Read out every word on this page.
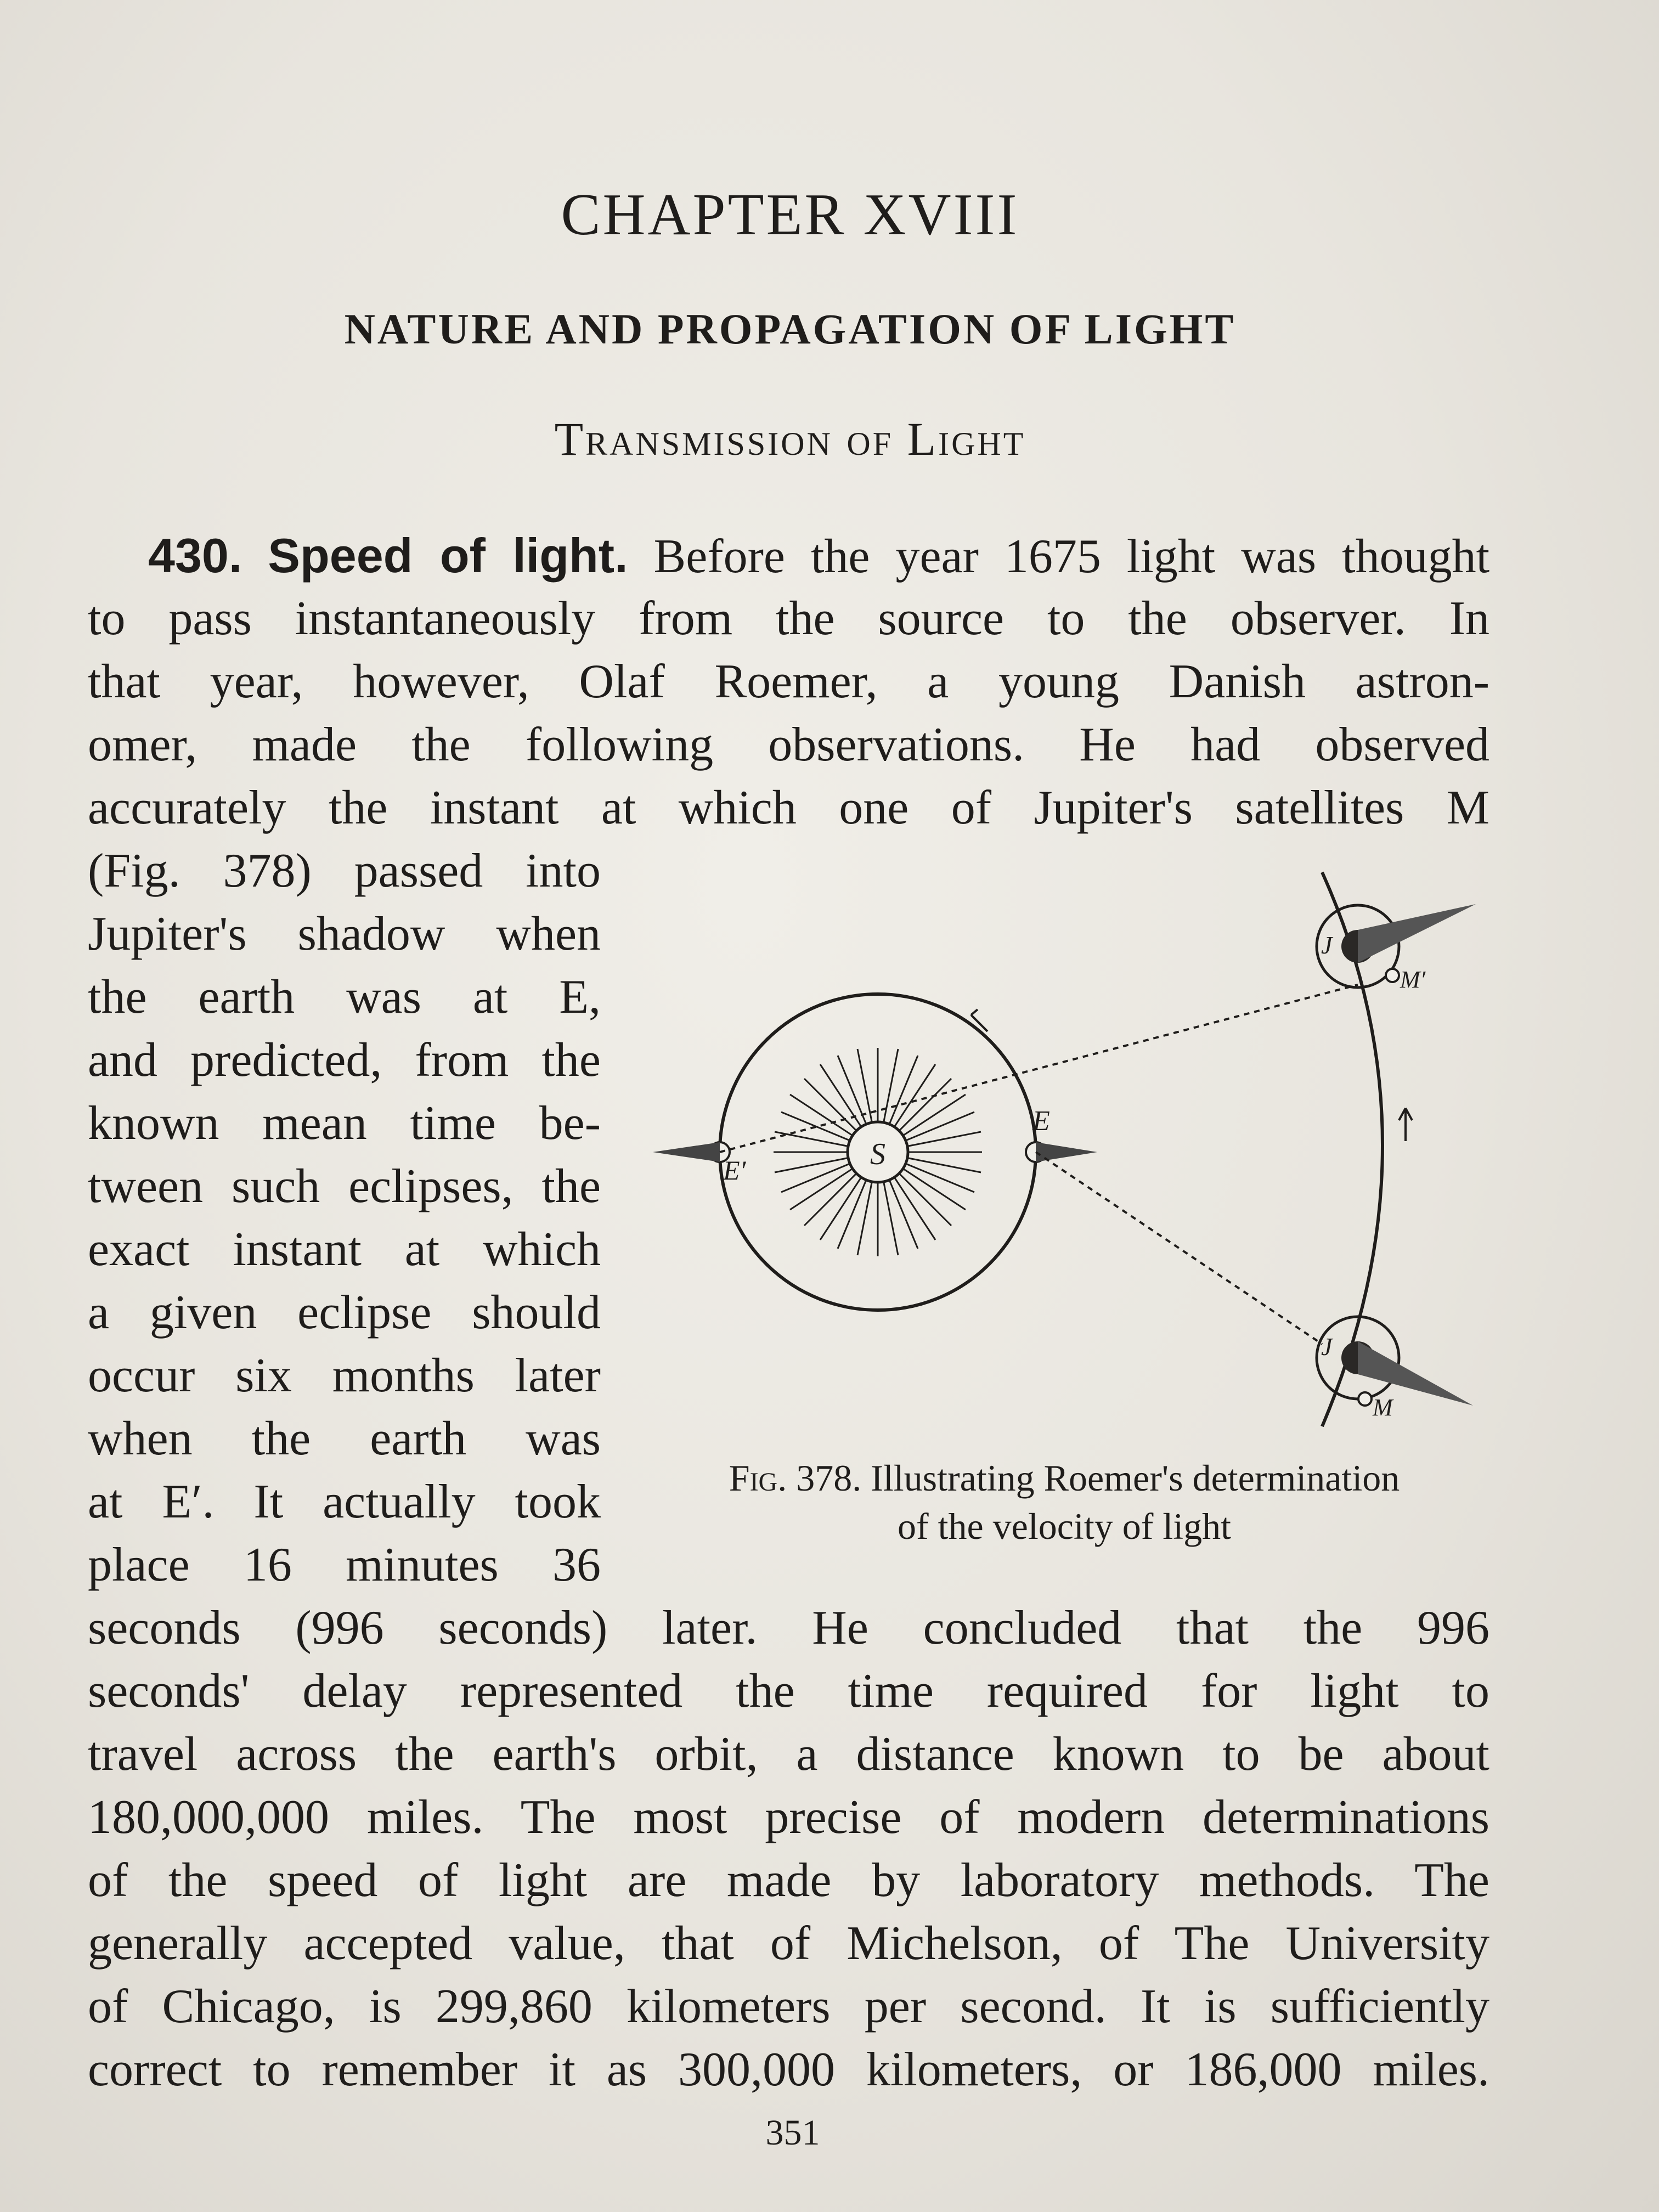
CHAPTER XVIII
NATURE AND PROPAGATION OF LIGHT
Transmission of Light
430. Speed of light. Before the year 1675 light was thought
to pass instantaneously from the source to the observer. In
that year, however, Olaf Roemer, a young Danish astron-
omer, made the following observations. He had observed
accurately the instant at which one of Jupiter's satellites M
(Fig. 378) passed into
Jupiter's shadow when
the earth was at E,
and predicted, from the
known mean time be-
tween such eclipses, the
exact instant at which
a given eclipse should
occur six months later
when the earth was
at E′. It actually took
place 16 minutes 36
S
E
E′
J
M′
J
M
Fig. 378. Illustrating Roemer's determination
of the velocity of light
seconds (996 seconds) later. He concluded that the 996
seconds' delay represented the time required for light to
travel across the earth's orbit, a distance known to be about
180,000,000 miles. The most precise of modern determinations
of the speed of light are made by laboratory methods. The
generally accepted value, that of Michelson, of The University
of Chicago, is 299,860 kilometers per second. It is sufficiently
correct to remember it as 300,000 kilometers, or 186,000 miles.
351
